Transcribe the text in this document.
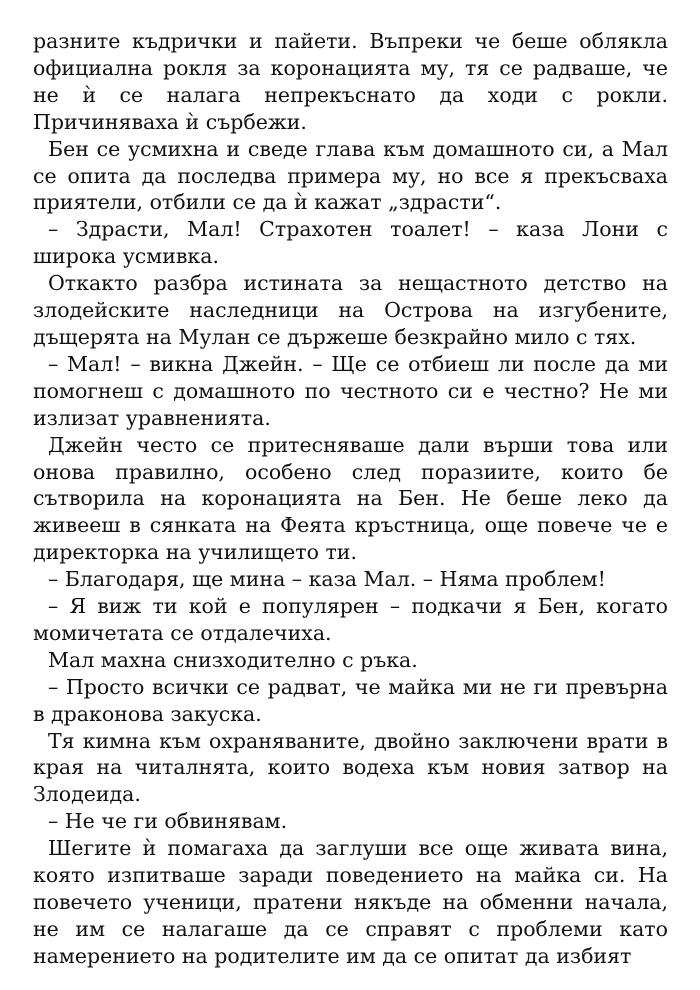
разните къдрички и пайети. Въпреки че беше облякла официална рокля за коронацията му, тя се радваше, че не ѝ се налага непрекъснато да ходи с рокли. Причиняваха ѝ сърбежи.

Бен се усмихна и сведе глава към домашното си, а Мал се опита да последва примера му, но все я прекъсваха приятели, отбили се да ѝ кажат „здрасти“.

– Здрасти, Мал! Страхотен тоалет! – каза Лони с широка усмивка.

Откакто разбра истината за нещастното детство на злодейските наследници на Острова на изгубените, дъщерята на Мулан се държеше безкрайно мило с тях.

– Мал! – викна Джейн. – Ще се отбиеш ли после да ми помогнеш с домашното по честното си е честно? Не ми излизат уравненията.

Джейн често се притесняваше дали върши това или онова правилно, особено след поразиите, които бе сътворила на коронацията на Бен. Не беше леко да живееш в сянката на Феята кръстница, още повече че е директорка на училището ти.

– Благодаря, ще мина – каза Мал. – Няма проблем!

– Я виж ти кой е популярен – подкачи я Бен, когато момичетата се отдалечиха.

Мал махна снизходително с ръка.

– Просто всички се радват, че майка ми не ги превърна в драконова закуска.

Тя кимна към охраняваните, двойно заключени врати в края на читалнята, които водеха към новия затвор на Злодеида.

– Не че ги обвинявам.

Шегите ѝ помагаха да заглуши все още живата вина, която изпитваше заради поведението на майка си. На повечето ученици, пратени някъде на обменни начала, не им се налагаше да се справят с проблеми като намерението на родителите им да се опитат да избият
